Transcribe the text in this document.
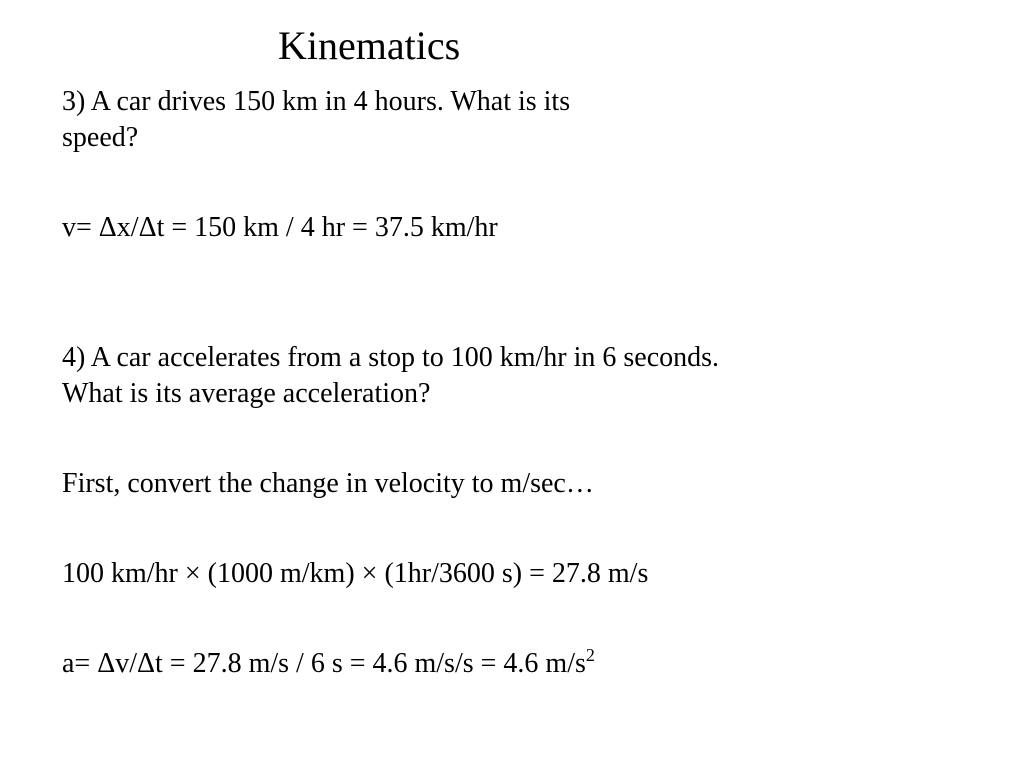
Kinematics
3) A car drives 150 km in 4 hours. What is its
speed?
v= Δx/Δt = 150 km / 4 hr = 37.5 km/hr
4) A car accelerates from a stop to 100 km/hr in 6 seconds.
What is its average acceleration?
First, convert the change in velocity to m/sec…
100 km/hr × (1000 m/km) × (1hr/3600 s) = 27.8 m/s
a= Δv/Δt = 27.8 m/s / 6 s = 4.6 m/s/s = 4.6 $m/s^2$
